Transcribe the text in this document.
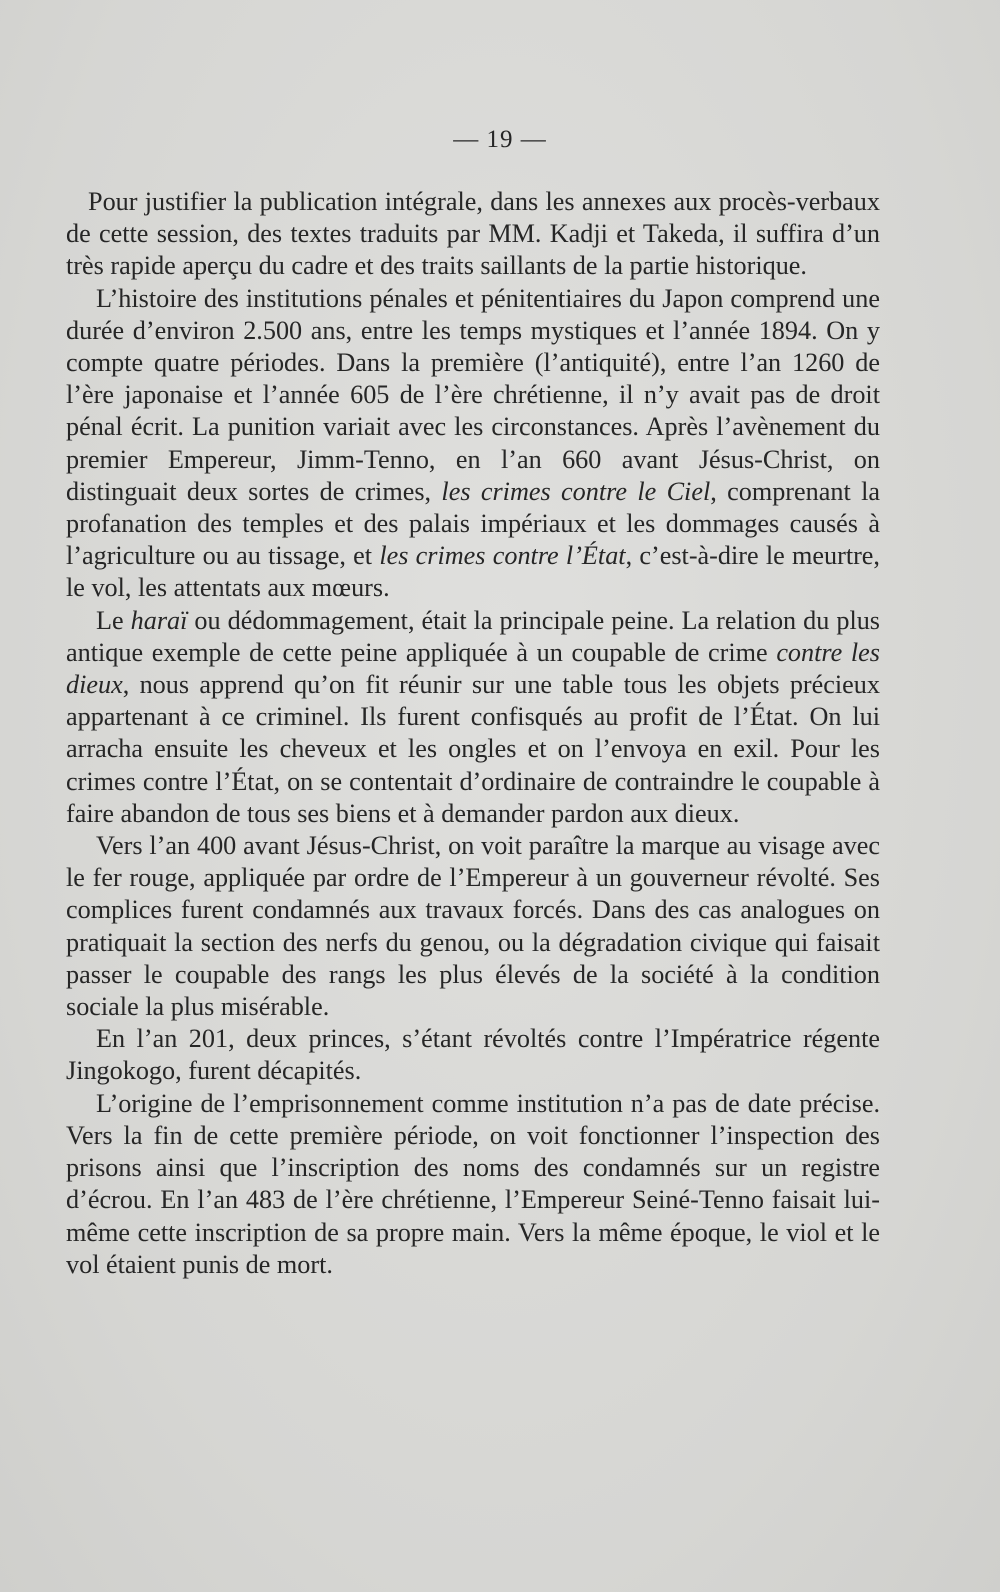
— 19 —

Pour justifier la publication intégrale, dans les annexes aux procès-verbaux de cette session, des textes traduits par MM. Kadji et Takeda, il suffira d’un très rapide aperçu du cadre et des traits saillants de la partie historique.

L’histoire des institutions pénales et pénitentiaires du Japon comprend une durée d’environ 2.500 ans, entre les temps mystiques et l’année 1894. On y compte quatre périodes. Dans la première (l’antiquité), entre l’an 1260 de l’ère japonaise et l’année 605 de l’ère chrétienne, il n’y avait pas de droit pénal écrit. La punition variait avec les circonstances. Après l’avènement du premier Empereur, Jimm-Tenno, en l’an 660 avant Jésus-Christ, on distinguait deux sortes de crimes, les crimes contre le Ciel, comprenant la profanation des temples et des palais impériaux et les dommages causés à l’agriculture ou au tissage, et les crimes contre l’État, c’est-à-dire le meurtre, le vol, les attentats aux mœurs.

Le haraï ou dédommagement, était la principale peine. La relation du plus antique exemple de cette peine appliquée à un coupable de crime contre les dieux, nous apprend qu’on fit réunir sur une table tous les objets précieux appartenant à ce criminel. Ils furent confisqués au profit de l’État. On lui arracha ensuite les cheveux et les ongles et on l’envoya en exil. Pour les crimes contre l’État, on se contentait d’ordinaire de contraindre le coupable à faire abandon de tous ses biens et à demander pardon aux dieux.

Vers l’an 400 avant Jésus-Christ, on voit paraître la marque au visage avec le fer rouge, appliquée par ordre de l’Empereur à un gouverneur révolté. Ses complices furent condamnés aux travaux forcés. Dans des cas analogues on pratiquait la section des nerfs du genou, ou la dégradation civique qui faisait passer le coupable des rangs les plus élevés de la société à la condition sociale la plus misérable.

En l’an 201, deux princes, s’étant révoltés contre l’Impératrice régente Jingokogo, furent décapités.

L’origine de l’emprisonnement comme institution n’a pas de date précise. Vers la fin de cette première période, on voit fonctionner l’inspection des prisons ainsi que l’inscription des noms des condamnés sur un registre d’écrou. En l’an 483 de l’ère chrétienne, l’Empereur Seiné-Tenno faisait lui-même cette inscription de sa propre main. Vers la même époque, le viol et le vol étaient punis de mort.
